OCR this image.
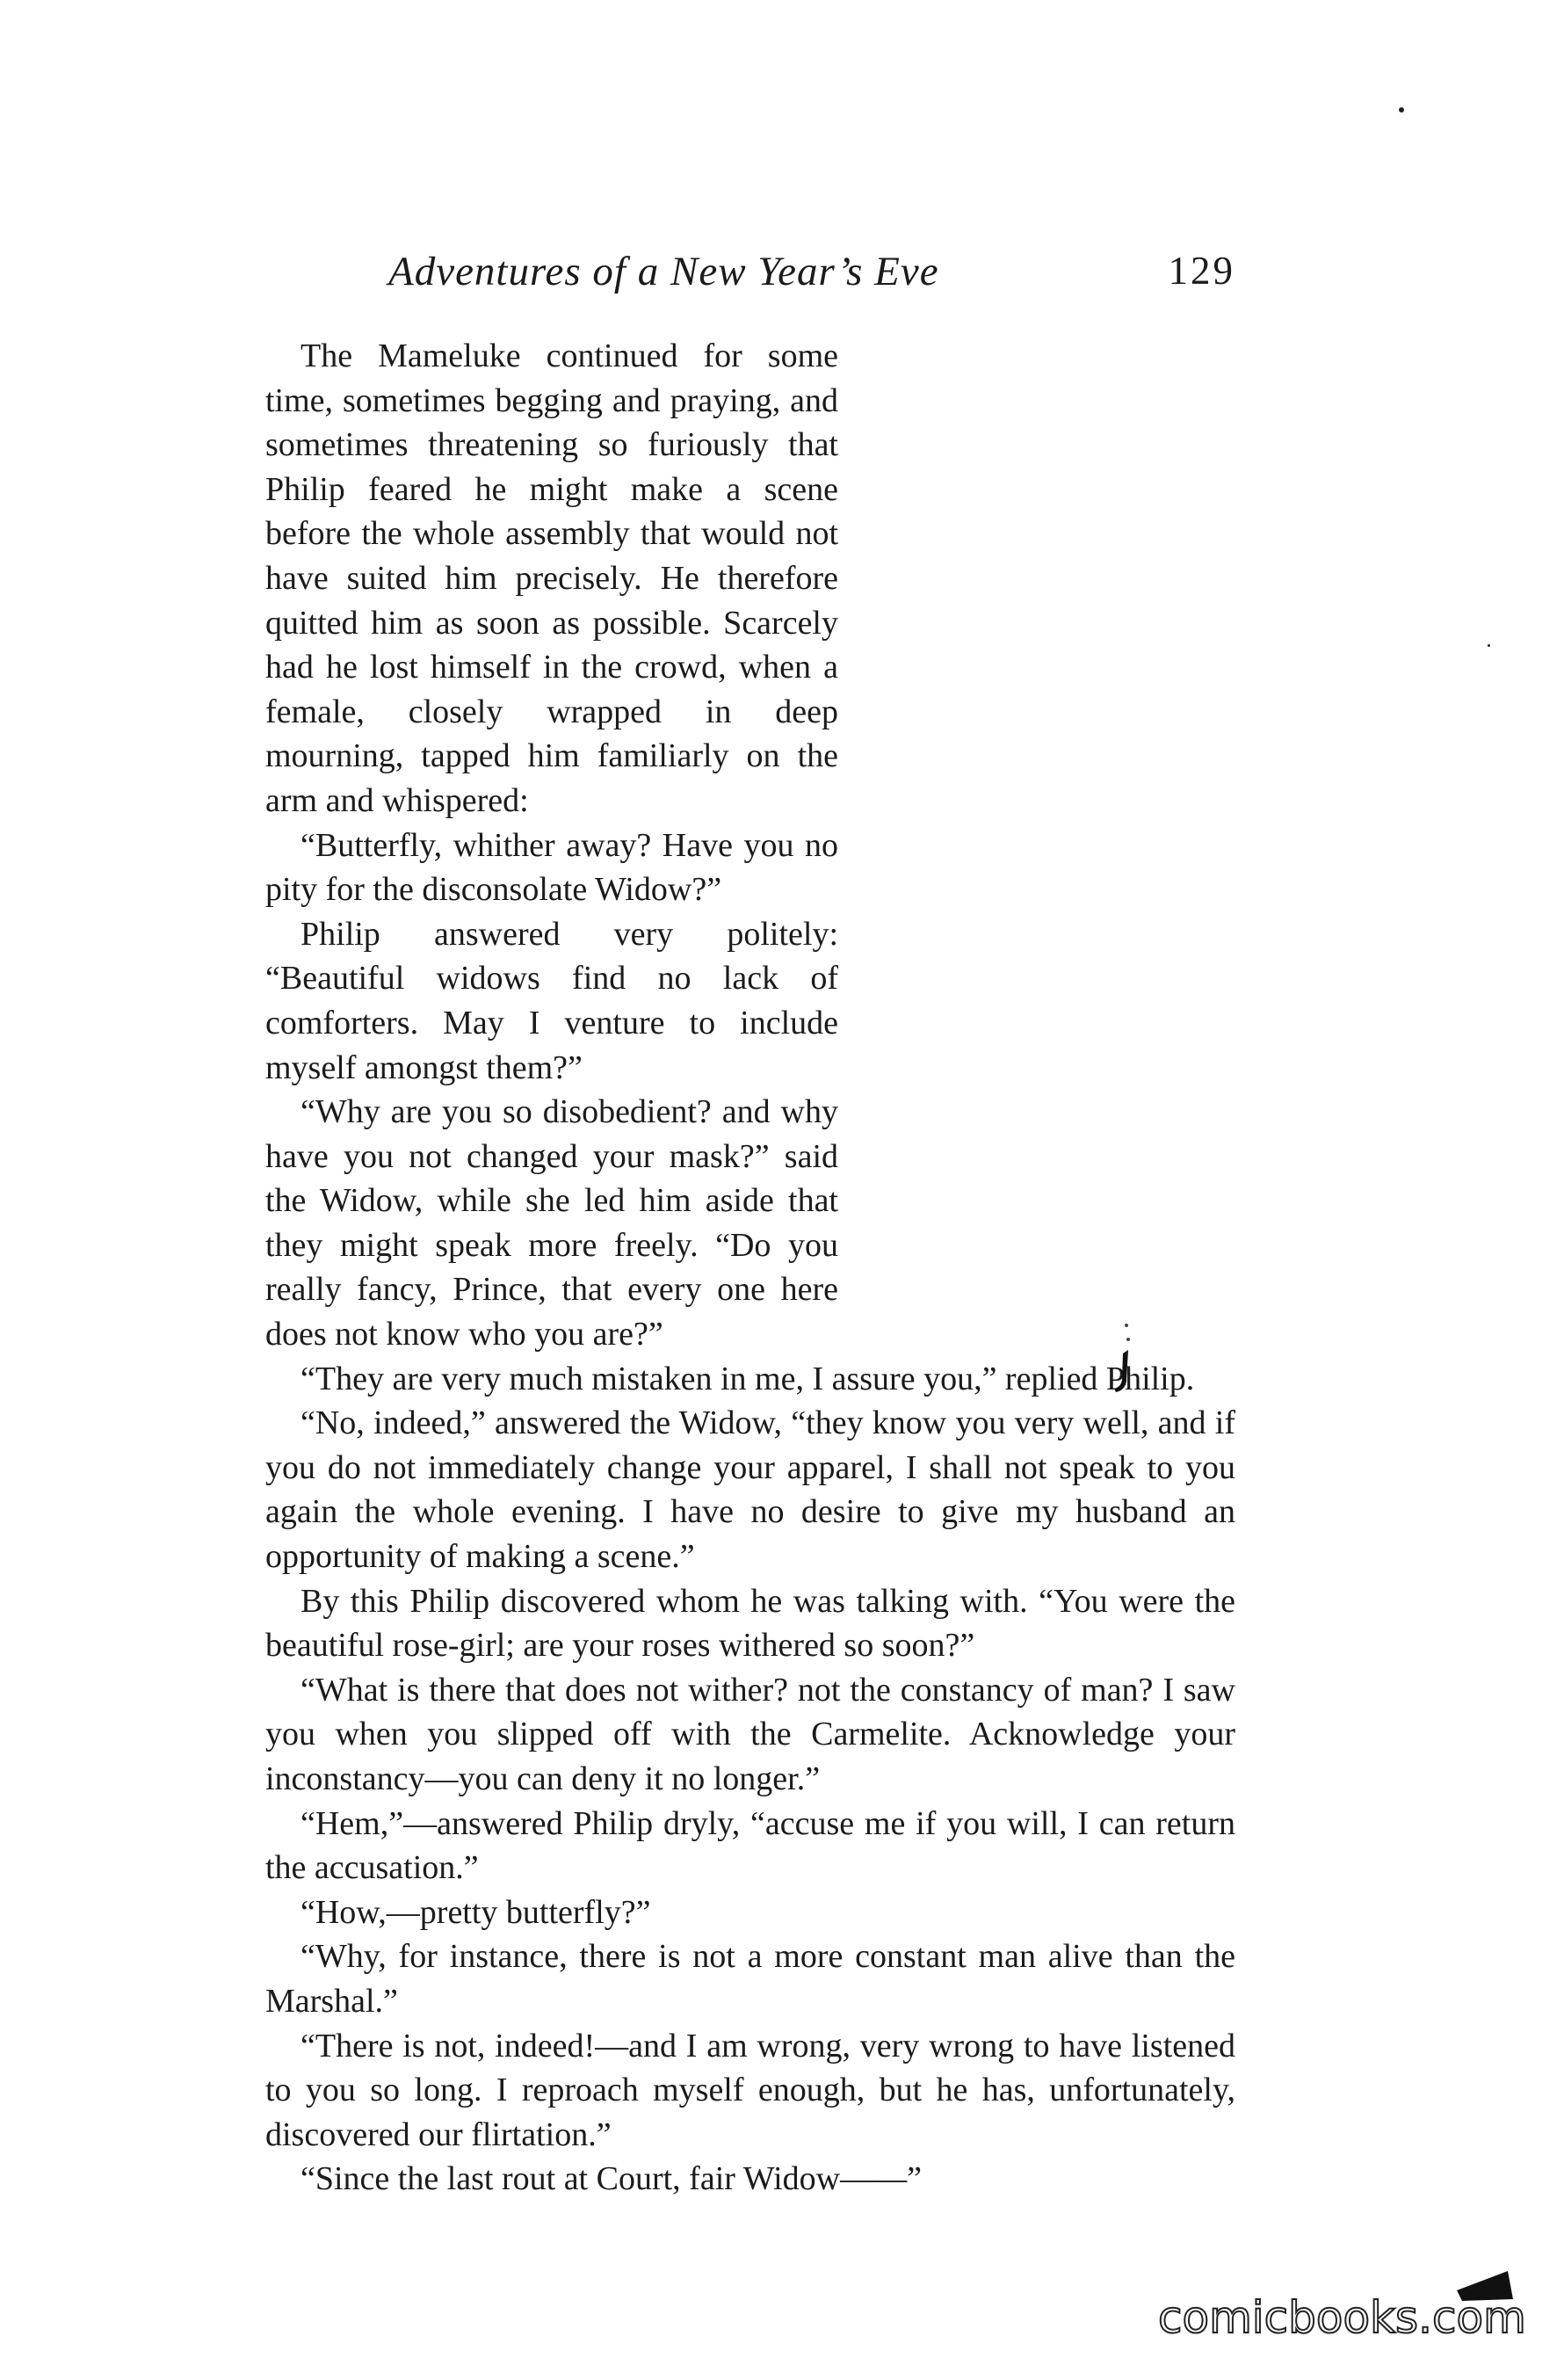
Adventures of a New Year’s Eve	129

The Mameluke continued for some time, sometimes begging and praying, and sometimes threatening so furiously that Philip feared he might make a scene before the whole assembly that would not have suited him precisely. He therefore quitted him as soon as possible. Scarcely had he lost himself in the crowd, when a female, closely wrapped in deep mourning, tapped him familiarly on the arm and whispered:

“Butterfly, whither away? Have you no pity for the disconsolate Widow?”

Philip answered very politely: “Beautiful widows find no lack of comforters. May I venture to include myself amongst them?”

“Why are you so disobedient? and why have you not changed your mask?” said the Widow, while she led him aside that they might speak more freely. “Do you really fancy, Prince, that every one here does not know who you are?”

“They are very much mistaken in me, I assure you,” replied Philip.

“No, indeed,” answered the Widow, “they know you very well, and if you do not immediately change your apparel, I shall not speak to you again the whole evening. I have no desire to give my husband an opportunity of making a scene.”

By this Philip discovered whom he was talking with. “You were the beautiful rose-girl; are your roses withered so soon?”

“What is there that does not wither? not the constancy of man? I saw you when you slipped off with the Carmelite. Acknowledge your inconstancy—you can deny it no longer.”

“Hem,”—answered Philip dryly, “accuse me if you will, I can return the accusation.”

“How,—pretty butterfly?”

“Why, for instance, there is not a more constant man alive than the Marshal.”

“There is not, indeed!—and I am wrong, very wrong to have listened to you so long. I reproach myself enough, but he has, unfortunately, discovered our flirtation.”

“Since the last rout at Court, fair Widow——”

comicbooks.com
